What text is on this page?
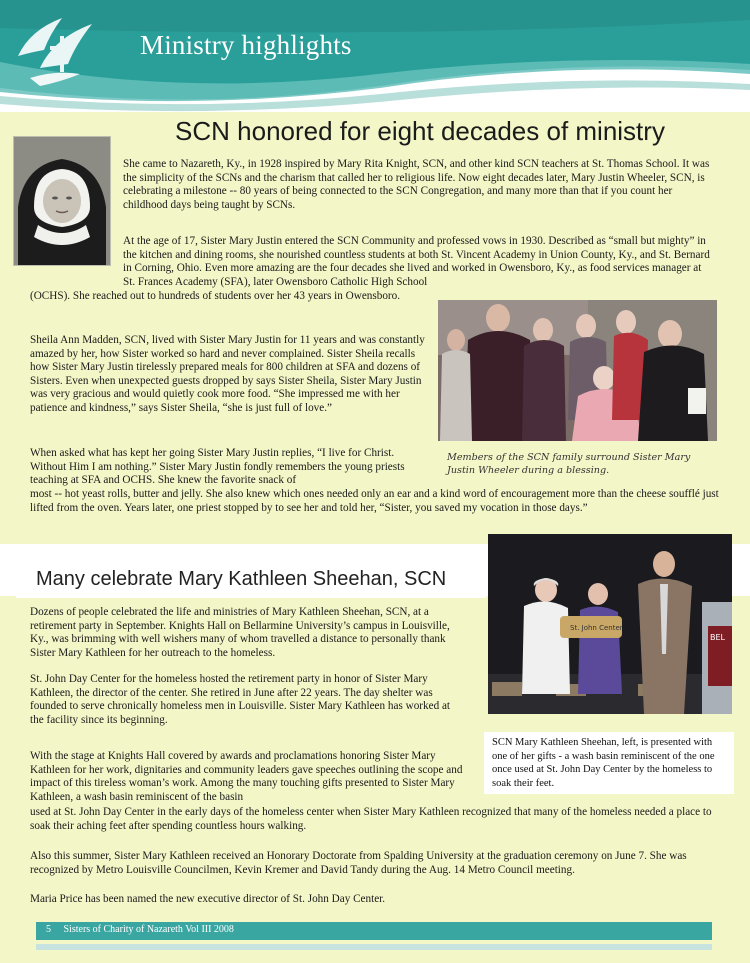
Ministry highlights
SCN honored for eight decades of ministry

She came to Nazareth, Ky., in 1928 inspired by Mary Rita Knight, SCN, and other kind SCN teachers at St. Thomas School. It was the simplicity of the SCNs and the charism that called her to religious life. Now eight decades later, Mary Justin Wheeler, SCN, is celebrating a milestone -- 80 years of being connected to the SCN Congregation, and many more than that if you count her childhood days being taught by SCNs.

At the age of 17, Sister Mary Justin entered the SCN Community and professed vows in 1930. Described as “small but mighty” in the kitchen and dining rooms, she nourished countless students at both St. Vincent Academy in Union County, Ky., and St. Bernard in Corning, Ohio. Even more amazing are the four decades she lived and worked in Owensboro, Ky., as food services manager at St. Frances Academy (SFA), later Owensboro Catholic High School

(OCHS). She reached out to hundreds of students over her 43 years in Owensboro.

Sheila Ann Madden, SCN, lived with Sister Mary Justin for 11 years and was constantly amazed by her, how Sister worked so hard and never complained. Sister Sheila recalls how Sister Mary Justin tirelessly prepared meals for 800 children at SFA and dozens of Sisters. Even when unexpected guests dropped by says Sister Sheila, Sister Mary Justin was very gracious and would quietly cook more food. “She impressed me with her patience and kindness,” says Sister Sheila, “she is just full of love.”

When asked what has kept her going Sister Mary Justin replies, “I live for Christ. Without Him I am nothing.” Sister Mary Justin fondly remembers the young priests teaching at SFA and OCHS. She knew the favorite snack of

most -- hot yeast rolls, butter and jelly. She also knew which ones needed only an ear and a kind word of encouragement more than the cheese soufflé just lifted from the oven. Years later, one priest stopped by to see her and told her, “Sister, you saved my vocation in those days.”

Members of the SCN family surround Sister Mary Justin Wheeler during a blessing.
Many celebrate Mary Kathleen Sheehan, SCN
St. John Center
BEL
SCN Mary Kathleen Sheehan, left, is presented with one of her gifts - a wash basin reminiscent of the one once used at St. John Day Center by the homeless to soak their feet.

Dozens of people celebrated the life and ministries of Mary Kathleen Sheehan, SCN, at a retirement party in September. Knights Hall on Bellarmine University’s campus in Louisville, Ky., was brimming with well wishers many of whom travelled a distance to personally thank Sister Mary Kathleen for her outreach to the homeless.

St. John Day Center for the homeless hosted the retirement party in honor of Sister Mary Kathleen, the director of the center. She retired in June after 22 years. The day shelter was founded to serve chronically homeless men in Louisville. Sister Mary Kathleen has worked at the facility since its beginning.

With the stage at Knights Hall covered by awards and proclamations honoring Sister Mary Kathleen for her work, dignitaries and community leaders gave speeches outlining the scope and impact of this tireless woman’s work. Among the many touching gifts presented to Sister Mary Kathleen, a wash basin reminiscent of the basin

used at St. John Day Center in the early days of the homeless center when Sister Mary Kathleen recognized that many of the homeless needed a place to soak their aching feet after spending countless hours walking.

Also this summer, Sister Mary Kathleen received an Honorary Doctorate from Spalding University at the graduation ceremony on June 7. She was recognized by Metro Louisville Councilmen, Kevin Kremer and David Tandy during the Aug. 14 Metro Council meeting.

Maria Price has been named the new executive director of St. John Day Center.

5 Sisters of Charity of Nazareth Vol III 2008
